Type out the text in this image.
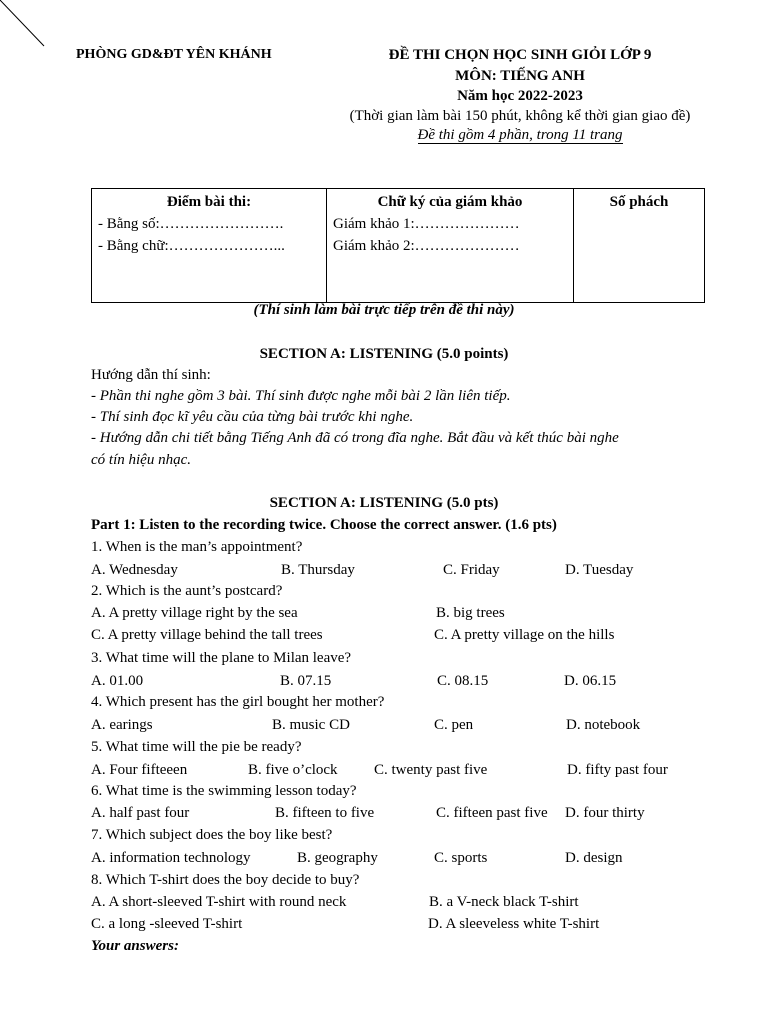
PHÒNG GD&ĐT YÊN KHÁNH	ĐỀ THI CHỌN HỌC SINH GIỎI LỚP 9
MÔN: TIẾNG ANH
Năm học 2022-2023
(Thời gian làm bài 150 phút, không kể thời gian giao đề)
Đề thi gồm 4 phần, trong 11 trang
Điểm bài thi:
- Bằng số:…………………….
- Bằng chữ:…………………...

Chữ ký của giám khảo
Giám khảo 1:…………………
Giám khảo 2:…………………

Số phách
(Thí sinh làm bài trực tiếp trên đề thi này)
SECTION A: LISTENING (5.0 points)
Hướng dẫn thí sinh:
- Phần thi nghe gồm 3 bài. Thí sinh được nghe mỗi bài 2 lần liên tiếp.
- Thí sinh đọc kĩ yêu cầu của từng bài trước khi nghe.
- Hướng dẫn chi tiết bằng Tiếng Anh đã có trong đĩa nghe. Bắt đầu và kết thúc bài nghe
có tín hiệu nhạc.
SECTION A: LISTENING (5.0 pts)
Part 1: Listen to the recording twice. Choose the correct answer. (1.6 pts)
1. When is the man’s appointment?
A. Wednesday	B. Thursday	C. Friday	D. Tuesday
2. Which is the aunt’s postcard?
A. A pretty village right by the sea	B. big trees
C. A pretty village behind the tall trees	C. A pretty village on the hills
3. What time will the plane to Milan leave?
A. 01.00	B. 07.15	C. 08.15	D. 06.15
4. Which present has the girl bought her mother?
A. earings	B. music CD	C. pen	D. notebook
5. What time will the pie be ready?
A. Four fifteeen	B. five o’clock C. twenty past five	D. fifty past four
6. What time is the swimming lesson today?
A. half past four	B. fifteen to five	C. fifteen past five D. four thirty
7. Which subject does the boy like best?
A. information technology	B. geography	C. sports	D. design
8. Which T-shirt does the boy decide to buy?
A. A short-sleeved T-shirt with round neck	B. a V-neck black T-shirt
C. a long -sleeved T-shirt	D. A sleeveless white T-shirt
Your answers:
